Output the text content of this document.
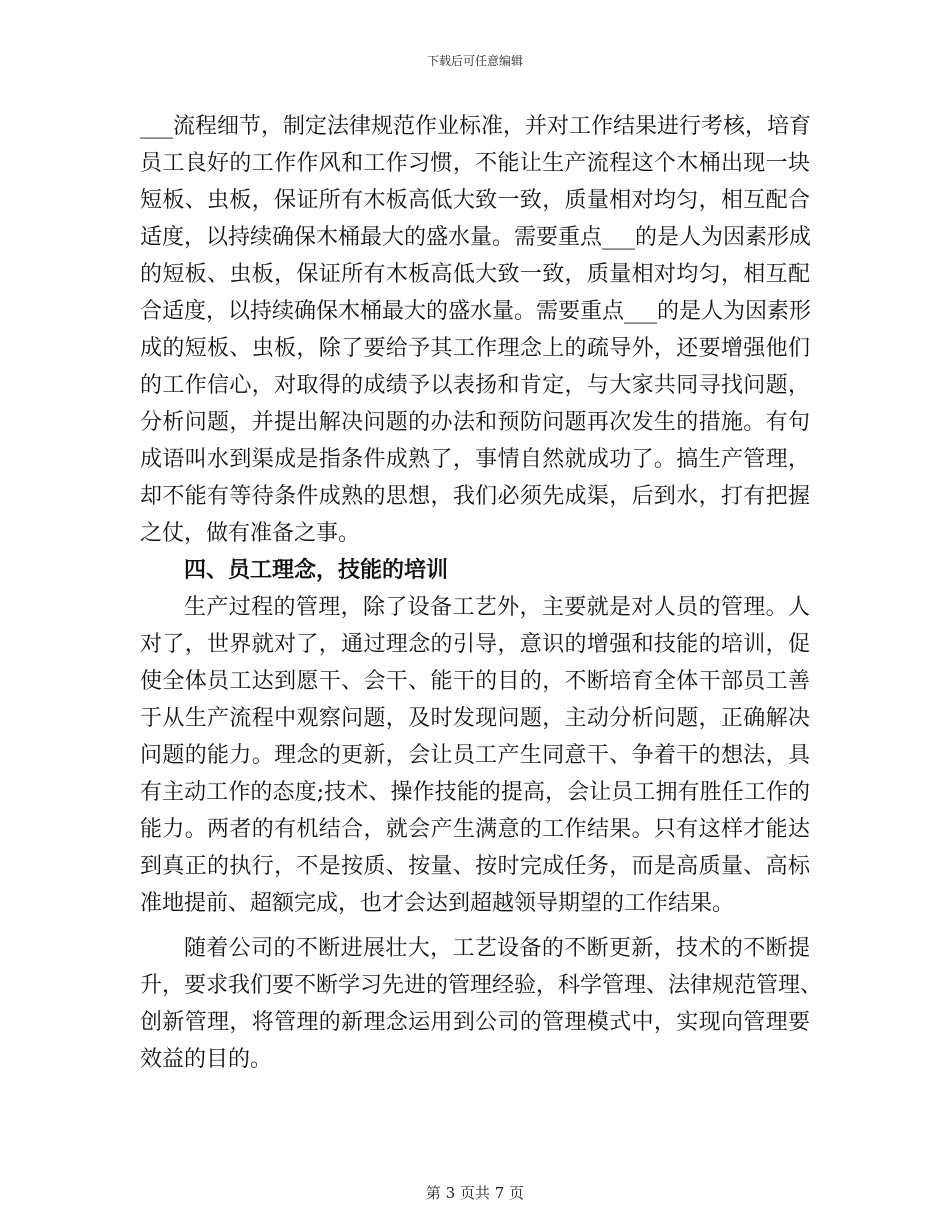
下载后可任意编辑
___流程细节，制定法律规范作业标准，并对工作结果进行考核，培育
员工良好的工作作风和工作习惯，不能让生产流程这个木桶出现一块
短板、虫板，保证所有木板高低大致一致，质量相对均匀，相互配合
适度，以持续确保木桶最大的盛水量。需要重点___的是人为因素形成
的短板、虫板，保证所有木板高低大致一致，质量相对均匀，相互配
合适度，以持续确保木桶最大的盛水量。需要重点___的是人为因素形
成的短板、虫板，除了要给予其工作理念上的疏导外，还要增强他们
的工作信心，对取得的成绩予以表扬和肯定，与大家共同寻找问题，
分析问题，并提出解决问题的办法和预防问题再次发生的措施。有句
成语叫水到渠成是指条件成熟了，事情自然就成功了。搞生产管理，
却不能有等待条件成熟的思想，我们必须先成渠，后到水，打有把握
之仗，做有准备之事。
四、员工理念，技能的培训
生产过程的管理，除了设备工艺外，主要就是对人员的管理。人
对了，世界就对了，通过理念的引导，意识的增强和技能的培训，促
使全体员工达到愿干、会干、能干的目的，不断培育全体干部员工善
于从生产流程中观察问题，及时发现问题，主动分析问题，正确解决
问题的能力。理念的更新，会让员工产生同意干、争着干的想法，具
有主动工作的态度;技术、操作技能的提高，会让员工拥有胜任工作的
能力。两者的有机结合，就会产生满意的工作结果。只有这样才能达
到真正的执行，不是按质、按量、按时完成任务，而是高质量、高标
准地提前、超额完成，也才会达到超越领导期望的工作结果。
随着公司的不断进展壮大，工艺设备的不断更新，技术的不断提
升，要求我们要不断学习先进的管理经验，科学管理、法律规范管理、
创新管理，将管理的新理念运用到公司的管理模式中，实现向管理要
效益的目的。
第 3 页共 7 页
